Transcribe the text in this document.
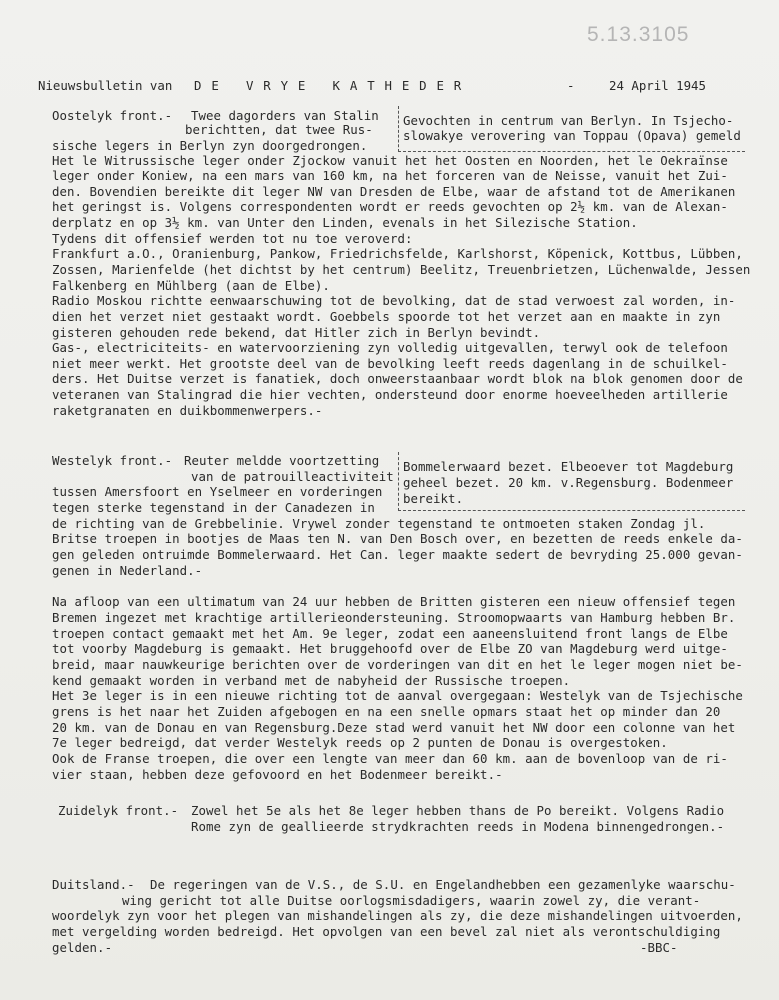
5.13.3105
Nieuwsbulletin van D E   V R Y E   K A T H E D E R	-	24 April 1945
Oostelyk front.- Twee dagorders van Stalin
berichtten, dat twee Rus-
Gevochten in centrum van Berlyn. In Tsjecho-
slowakye verovering van Toppau (Opava) gemeld
sische legers in Berlyn zyn doorgedrongen.
Het le Witrussische leger onder Zjockow vanuit het het Oosten en Noorden, het le Oekraïnse
leger onder Koniew, na een mars van 160 km, na het forceren van de Neisse, vanuit het Zui-
den. Bovendien bereikte dit leger NW van Dresden de Elbe, waar de afstand tot de Amerikanen
het geringst is. Volgens correspondenten wordt er reeds gevochten op 2½ km. van de Alexan-
derplatz en op 3½ km. van Unter den Linden, evenals in het Silezische Station.
Tydens dit offensief werden tot nu toe veroverd:
Frankfurt a.O., Oranienburg, Pankow, Friedrichsfelde, Karlshorst, Köpenick, Kottbus, Lübben,
Zossen, Marienfelde (het dichtst by het centrum) Beelitz, Treuenbrietzen, Lüchenwalde, Jessen
Falkenberg en Mühlberg (aan de Elbe).
Radio Moskou richtte eenwaarschuwing tot de bevolking, dat de stad verwoest zal worden, in-
dien het verzet niet gestaakt wordt. Goebbels spoorde tot het verzet aan en maakte in zyn
gisteren gehouden rede bekend, dat Hitler zich in Berlyn bevindt.
Gas-, electriciteits- en watervoorziening zyn volledig uitgevallen, terwyl ook de telefoon
niet meer werkt. Het grootste deel van de bevolking leeft reeds dagenlang in de schuilkel-
ders. Het Duitse verzet is fanatiek, doch onweerstaanbaar wordt blok na blok genomen door de
veteranen van Stalingrad die hier vechten, ondersteund door enorme hoeveelheden artillerie
raketgranaten en duikbommenwerpers.-
Westelyk front.- Reuter meldde voortzetting
van de patrouilleactiviteit
Bommelerwaard bezet. Elbeoever tot Magdeburg
geheel bezet. 20 km. v.Regensburg. Bodenmeer
bereikt.
tussen Amersfoort en Yselmeer en vorderingen
tegen sterke tegenstand in der Canadezen in
de richting van de Grebbelinie. Vrywel zonder tegenstand te ontmoeten staken Zondag jl.
Britse troepen in bootjes de Maas ten N. van Den Bosch over, en bezetten de reeds enkele da-
gen geleden ontruimde Bommelerwaard. Het Can. leger maakte sedert de bevryding 25.000 gevan-
genen in Nederland.-
Na afloop van een ultimatum van 24 uur hebben de Britten gisteren een nieuw offensief tegen
Bremen ingezet met krachtige artillerieondersteuning. Stroomopwaarts van Hamburg hebben Br.
troepen contact gemaakt met het Am. 9e leger, zodat een aaneensluitend front langs de Elbe
tot voorby Magdeburg is gemaakt. Het bruggehoofd over de Elbe ZO van Magdeburg werd uitge-
breid, maar nauwkeurige berichten over de vorderingen van dit en het le leger mogen niet be-
kend gemaakt worden in verband met de nabyheid der Russische troepen.
Het 3e leger is in een nieuwe richting tot de aanval overgegaan: Westelyk van de Tsjechische
grens is het naar het Zuiden afgebogen en na een snelle opmars staat het op minder dan 20
20 km. van de Donau en van Regensburg.Deze stad werd vanuit het NW door een colonne van het
7e leger bedreigd, dat verder Westelyk reeds op 2 punten de Donau is overgestoken.
Ook de Franse troepen, die over een lengte van meer dan 60 km. aan de bovenloop van de ri-
vier staan, hebben deze gefovoord en het Bodenmeer bereikt.-
Zuidelyk front.- Zowel het 5e als het 8e leger hebben thans de Po bereikt. Volgens Radio
Rome zyn de geallieerde strydkrachten reeds in Modena binnengedrongen.-
Duitsland.- De regeringen van de V.S., de S.U. en Engelandhebben een gezamenlyke waarschu-
wing gericht tot alle Duitse oorlogsmisdadigers, waarin zowel zy, die verant-
woordelyk zyn voor het plegen van mishandelingen als zy, die deze mishandelingen uitvoerden,
met vergelding worden bedreigd. Het opvolgen van een bevel zal niet als verontschuldiging
gelden.-	-BBC-
